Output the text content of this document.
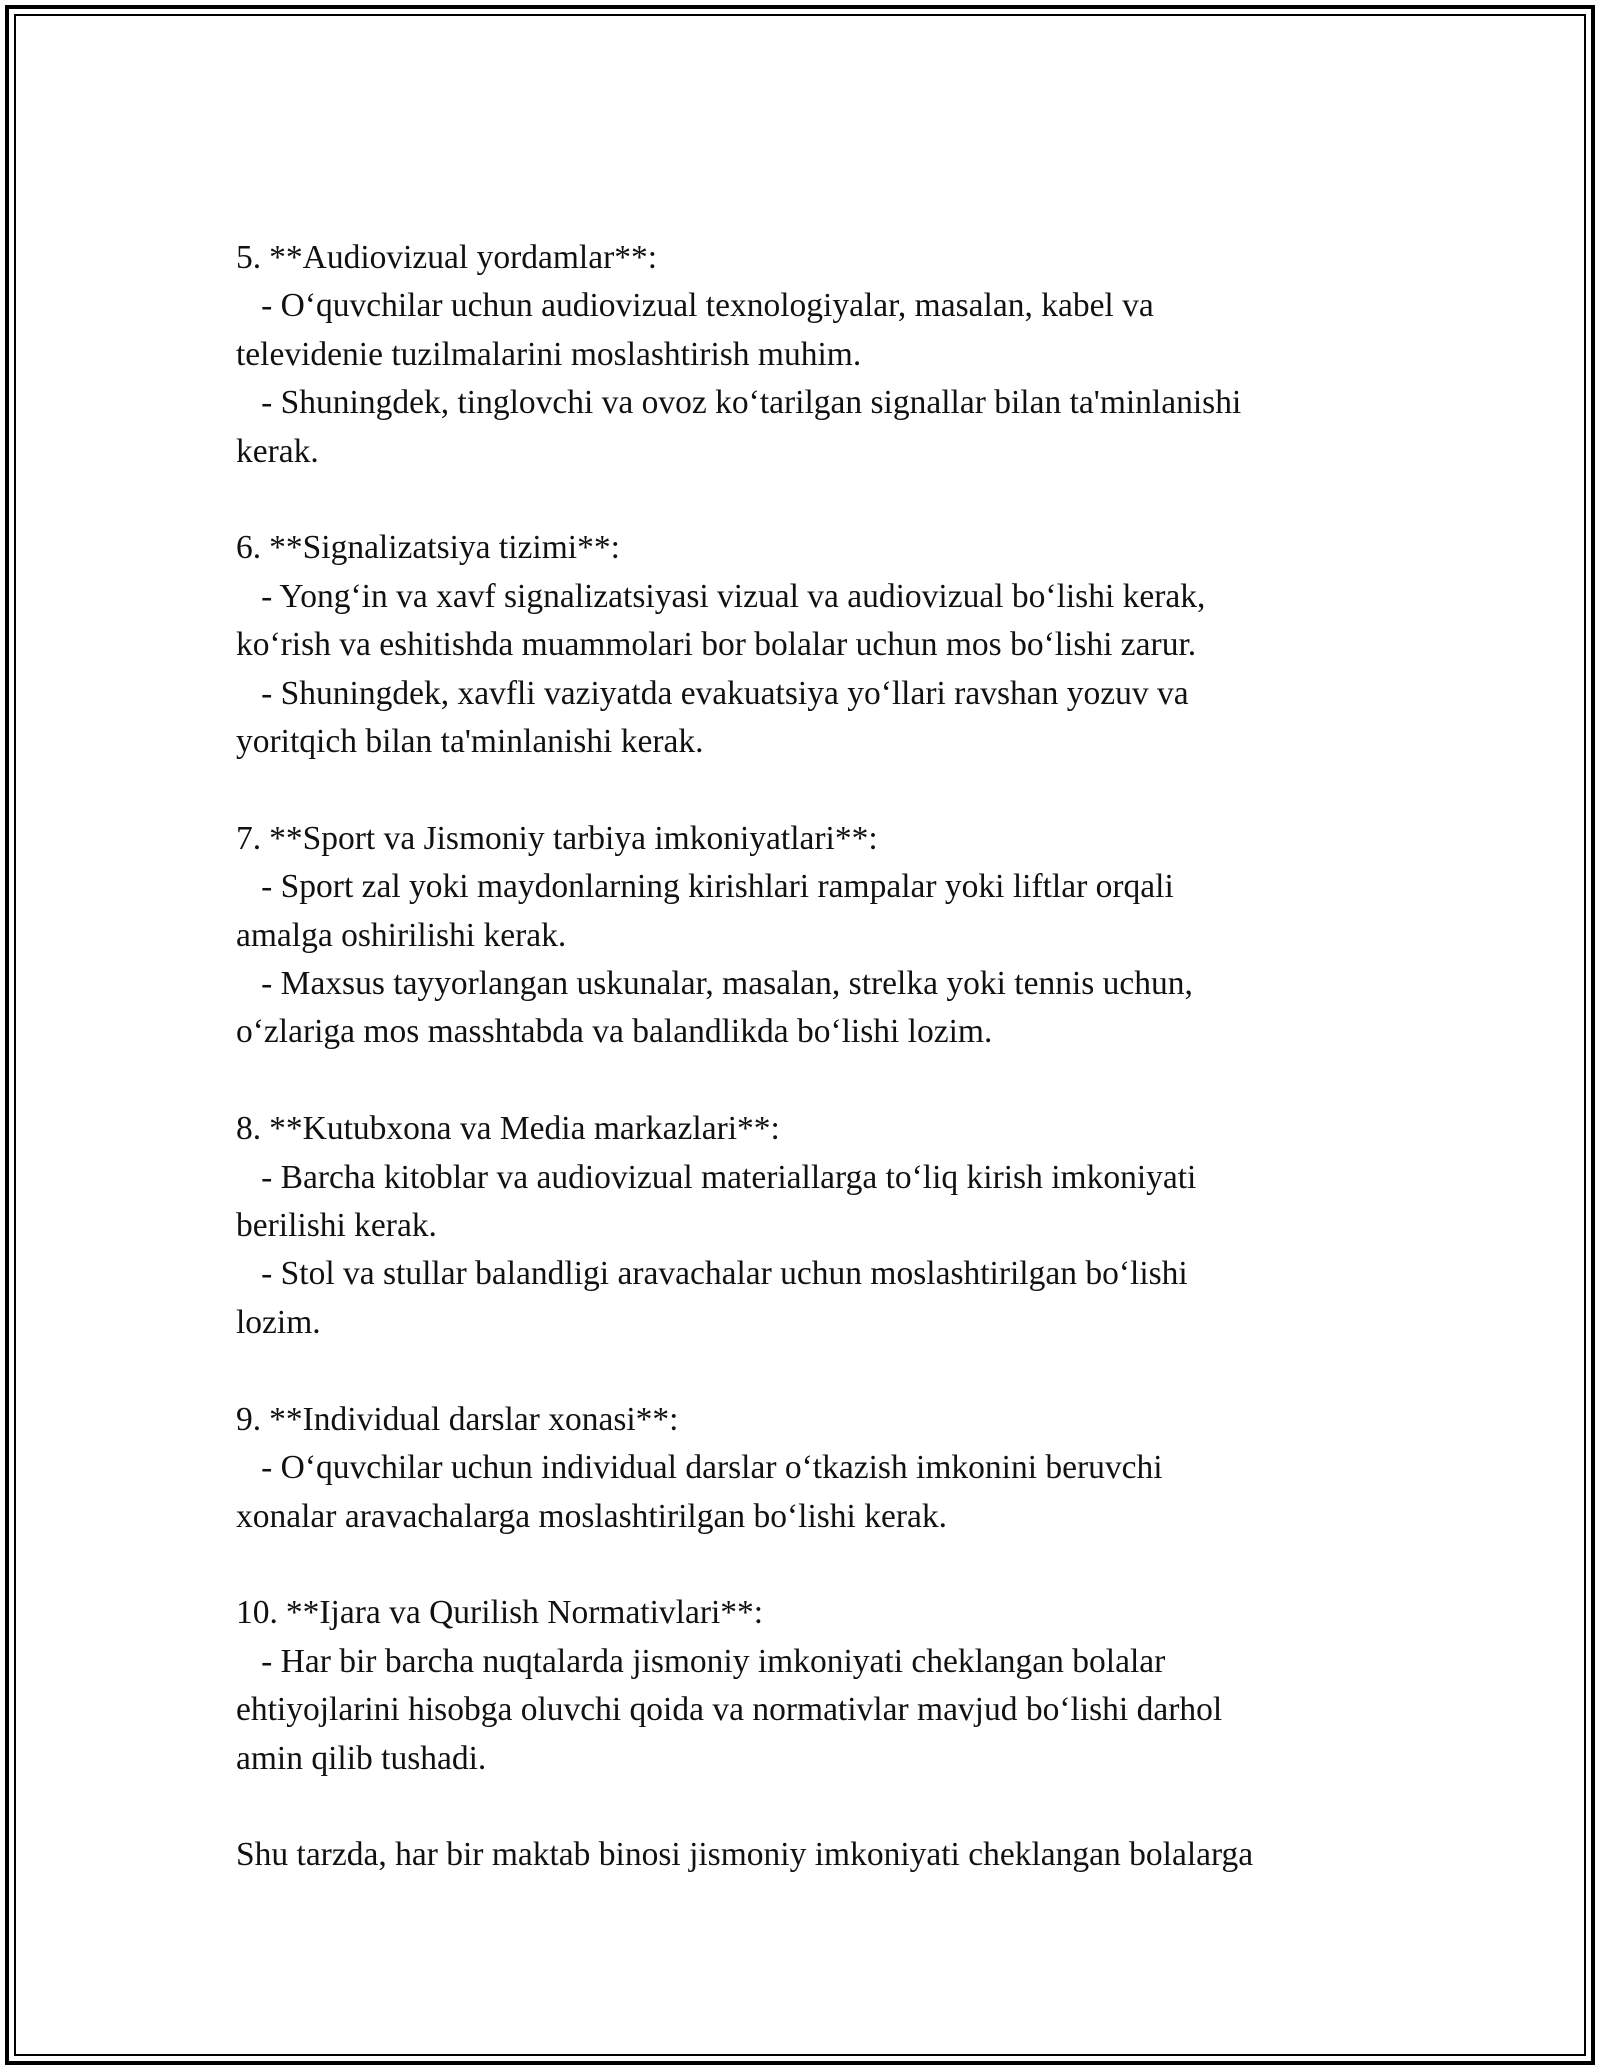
5. **Audiovizual yordamlar**:
- O‘quvchilar uchun audiovizual texnologiyalar, masalan, kabel va
televidenie tuzilmalarini moslashtirish muhim.
- Shuningdek, tinglovchi va ovoz ko‘tarilgan signallar bilan ta'minlanishi
kerak.
6. **Signalizatsiya tizimi**:
- Yong‘in va xavf signalizatsiyasi vizual va audiovizual bo‘lishi kerak,
ko‘rish va eshitishda muammolari bor bolalar uchun mos bo‘lishi zarur.
- Shuningdek, xavfli vaziyatda evakuatsiya yo‘llari ravshan yozuv va
yoritqich bilan ta'minlanishi kerak.
7. **Sport va Jismoniy tarbiya imkoniyatlari**:
- Sport zal yoki maydonlarning kirishlari rampalar yoki liftlar orqali
amalga oshirilishi kerak.
- Maxsus tayyorlangan uskunalar, masalan, strelka yoki tennis uchun,
o‘zlariga mos masshtabda va balandlikda bo‘lishi lozim.
8. **Kutubxona va Media markazlari**:
- Barcha kitoblar va audiovizual materiallarga to‘liq kirish imkoniyati
berilishi kerak.
- Stol va stullar balandligi aravachalar uchun moslashtirilgan bo‘lishi
lozim.
9. **Individual darslar xonasi**:
- O‘quvchilar uchun individual darslar o‘tkazish imkonini beruvchi
xonalar aravachalarga moslashtirilgan bo‘lishi kerak.
10. **Ijara va Qurilish Normativlari**:
- Har bir barcha nuqtalarda jismoniy imkoniyati cheklangan bolalar
ehtiyojlarini hisobga oluvchi qoida va normativlar mavjud bo‘lishi darhol
amin qilib tushadi.
Shu tarzda, har bir maktab binosi jismoniy imkoniyati cheklangan bolalarga
